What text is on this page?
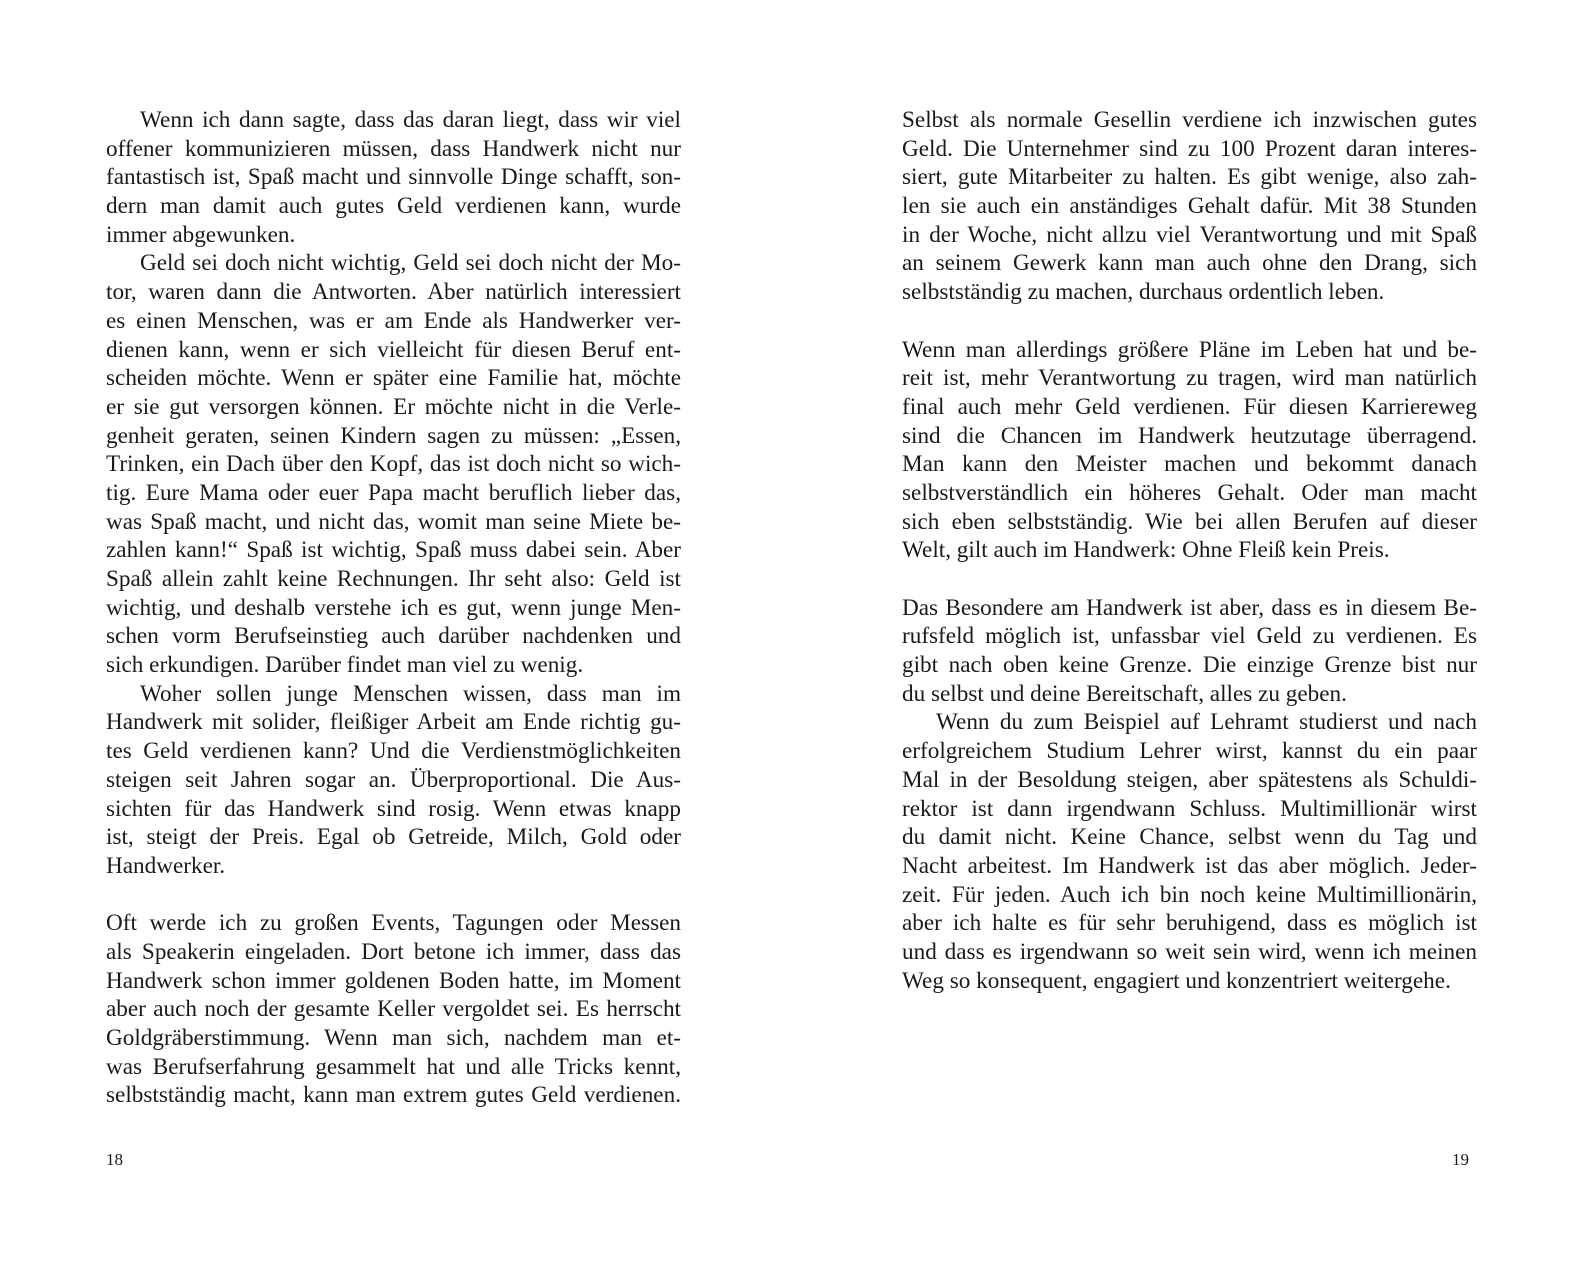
Wenn ich dann sagte, dass das daran liegt, dass wir viel
offener kommunizieren müssen, dass Handwerk nicht nur
fantastisch ist, Spaß macht und sinnvolle Dinge schafft, son-
dern man damit auch gutes Geld verdienen kann, wurde
immer abgewunken.
Geld sei doch nicht wichtig, Geld sei doch nicht der Mo-
tor, waren dann die Antworten. Aber natürlich interessiert
es einen Menschen, was er am Ende als Handwerker ver-
dienen kann, wenn er sich vielleicht für diesen Beruf ent-
scheiden möchte. Wenn er später eine Familie hat, möchte
er sie gut versorgen können. Er möchte nicht in die Verle-
genheit geraten, seinen Kindern sagen zu müssen: „Essen,
Trinken, ein Dach über den Kopf, das ist doch nicht so wich-
tig. Eure Mama oder euer Papa macht beruflich lieber das,
was Spaß macht, und nicht das, womit man seine Miete be-
zahlen kann!“ Spaß ist wichtig, Spaß muss dabei sein. Aber
Spaß allein zahlt keine Rechnungen. Ihr seht also: Geld ist
wichtig, und deshalb verstehe ich es gut, wenn junge Men-
schen vorm Berufseinstieg auch darüber nachdenken und
sich erkundigen. Darüber findet man viel zu wenig.
Woher sollen junge Menschen wissen, dass man im
Handwerk mit solider, fleißiger Arbeit am Ende richtig gu-
tes Geld verdienen kann? Und die Verdienstmöglichkeiten
steigen seit Jahren sogar an. Überproportional. Die Aus-
sichten für das Handwerk sind rosig. Wenn etwas knapp
ist, steigt der Preis. Egal ob Getreide, Milch, Gold oder
Handwerker.
Oft werde ich zu großen Events, Tagungen oder Messen
als Speakerin eingeladen. Dort betone ich immer, dass das
Handwerk schon immer goldenen Boden hatte, im Moment
aber auch noch der gesamte Keller vergoldet sei. Es herrscht
Goldgräberstimmung. Wenn man sich, nachdem man et-
was Berufserfahrung gesammelt hat und alle Tricks kennt,
selbstständig macht, kann man extrem gutes Geld verdienen.
Selbst als normale Gesellin verdiene ich inzwischen gutes
Geld. Die Unternehmer sind zu 100 Prozent daran interes-
siert, gute Mitarbeiter zu halten. Es gibt wenige, also zah-
len sie auch ein anständiges Gehalt dafür. Mit 38 Stunden
in der Woche, nicht allzu viel Verantwortung und mit Spaß
an seinem Gewerk kann man auch ohne den Drang, sich
selbstständig zu machen, durchaus ordentlich leben.
Wenn man allerdings größere Pläne im Leben hat und be-
reit ist, mehr Verantwortung zu tragen, wird man natürlich
final auch mehr Geld verdienen. Für diesen Karriereweg
sind die Chancen im Handwerk heutzutage überragend.
Man kann den Meister machen und bekommt danach
selbstverständlich ein höheres Gehalt. Oder man macht
sich eben selbstständig. Wie bei allen Berufen auf dieser
Welt, gilt auch im Handwerk: Ohne Fleiß kein Preis.
Das Besondere am Handwerk ist aber, dass es in diesem Be-
rufsfeld möglich ist, unfassbar viel Geld zu verdienen. Es
gibt nach oben keine Grenze. Die einzige Grenze bist nur
du selbst und deine Bereitschaft, alles zu geben.
Wenn du zum Beispiel auf Lehramt studierst und nach
erfolgreichem Studium Lehrer wirst, kannst du ein paar
Mal in der Besoldung steigen, aber spätestens als Schuldi-
rektor ist dann irgendwann Schluss. Multimillionär wirst
du damit nicht. Keine Chance, selbst wenn du Tag und
Nacht arbeitest. Im Handwerk ist das aber möglich. Jeder-
zeit. Für jeden. Auch ich bin noch keine Multimillionärin,
aber ich halte es für sehr beruhigend, dass es möglich ist
und dass es irgendwann so weit sein wird, wenn ich meinen
Weg so konsequent, engagiert und konzentriert weitergehe.
18	19
